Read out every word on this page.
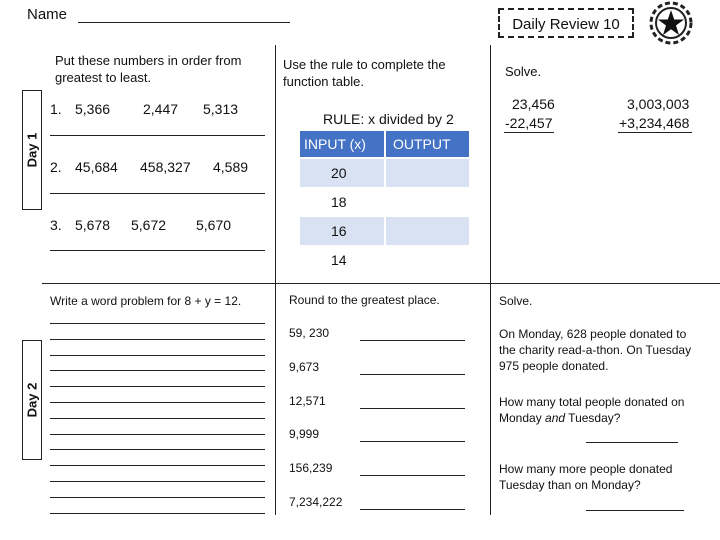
Name
Daily Review 10
Day 1
Day 2
Put these numbers in order from greatest to least.
1. 5,366 2,447 5,313
2. 45,684 458,327 4,589
3. 5,678 5,672 5,670
Use the rule to complete the function table.
RULE: x divided by 2
INPUT (x)	OUTPUT
20
18
16
14
Solve.
23,456
-22,457
3,003,003
+3,234,468
Write a word problem for 8 + y = 12.	Round to the greatest place.
59, 230
9,673
12,571
9,999
156,239
7,234,222
Solve.
On Monday, 628 people donated to the charity read-a-thon. On Tuesday 975 people donated.
How many total people donated on Monday and Tuesday?
How many more people donated Tuesday than on Monday?
